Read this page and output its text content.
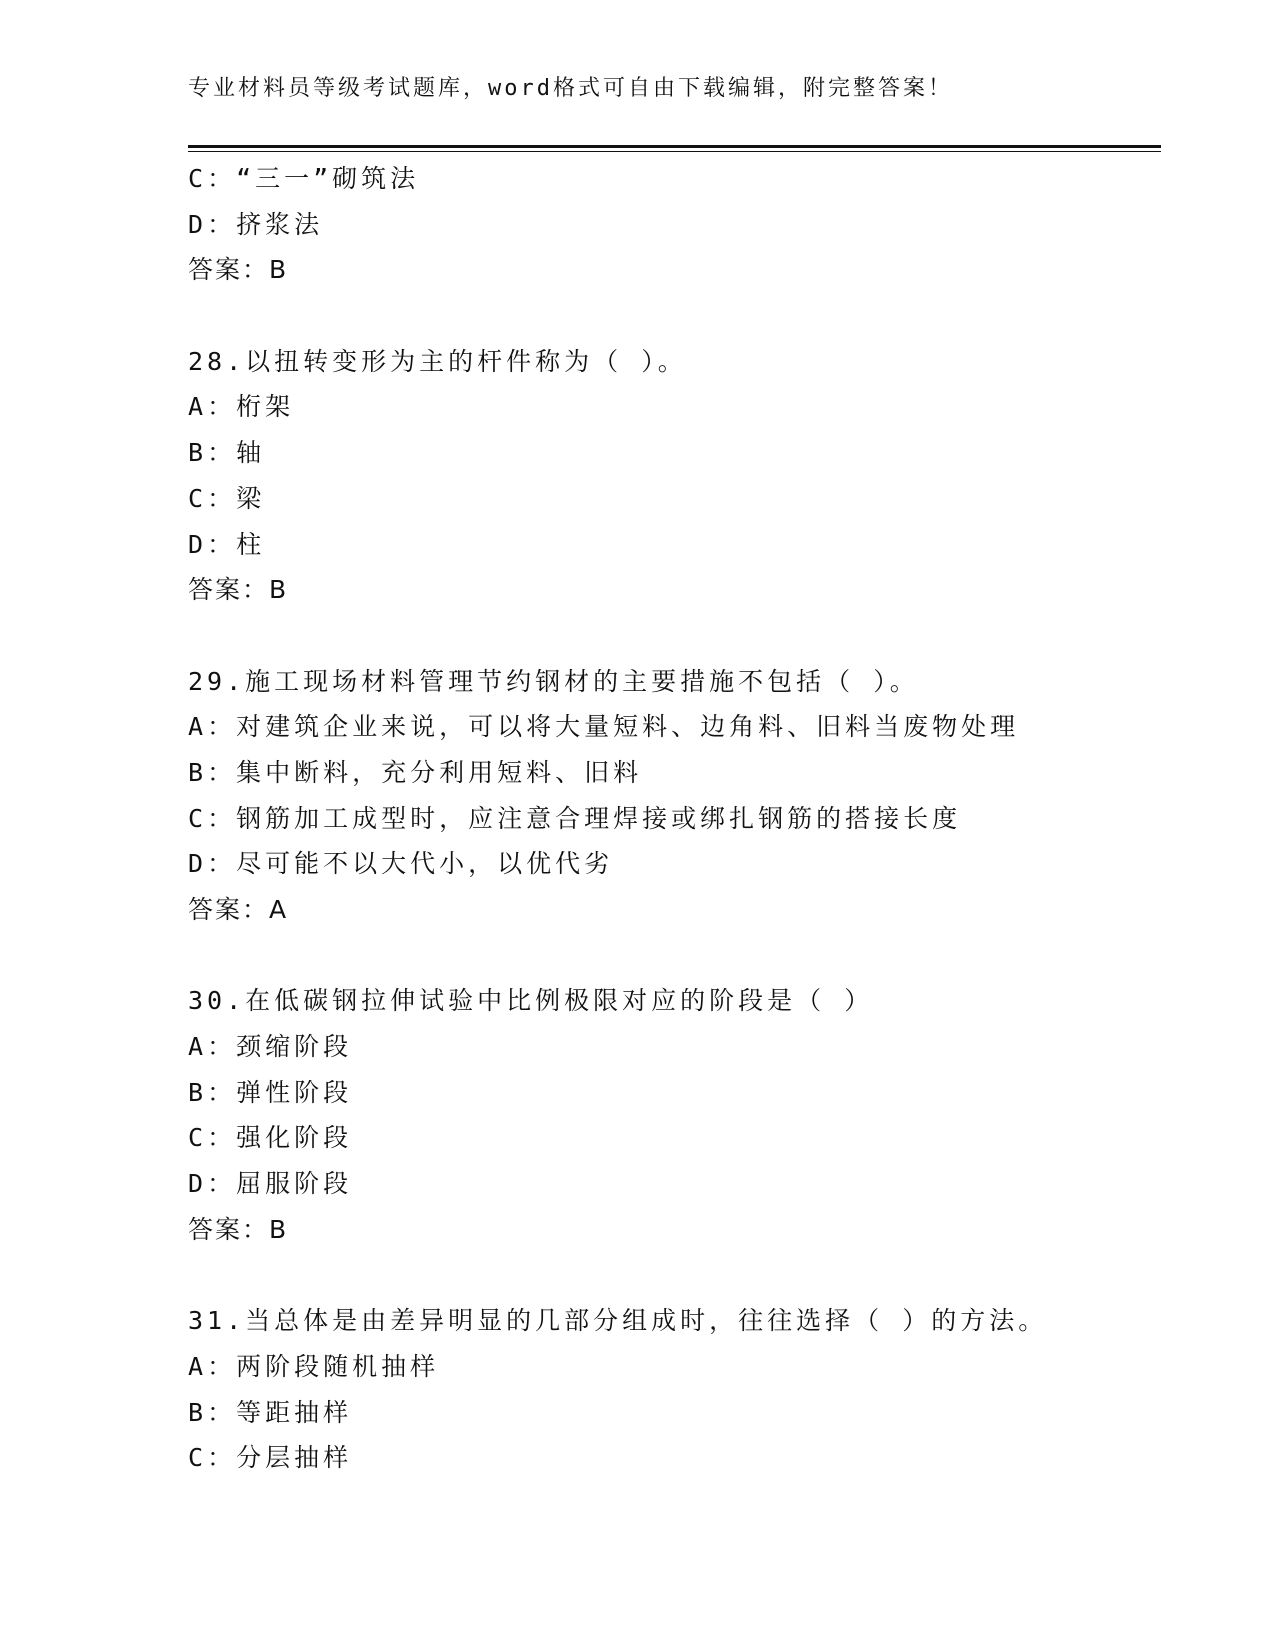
专业材料员等级考试题库，word格式可自由下载编辑，附完整答案！
C：“三一”砌筑法
D：挤浆法
答案：B
28.以扭转变形为主的杆件称为（ ）。
A：桁架
B：轴
C：梁
D：柱
答案：B
29.施工现场材料管理节约钢材的主要措施不包括（ ）。
A：对建筑企业来说，可以将大量短料、边角料、旧料当废物处理
B：集中断料，充分利用短料、旧料
C：钢筋加工成型时，应注意合理焊接或绑扎钢筋的搭接长度
D：尽可能不以大代小，以优代劣
答案：A
30.在低碳钢拉伸试验中比例极限对应的阶段是（ ）
A：颈缩阶段
B：弹性阶段
C：强化阶段
D：屈服阶段
答案：B
31.当总体是由差异明显的几部分组成时，往往选择（ ）的方法。
A：两阶段随机抽样
B：等距抽样
C：分层抽样
